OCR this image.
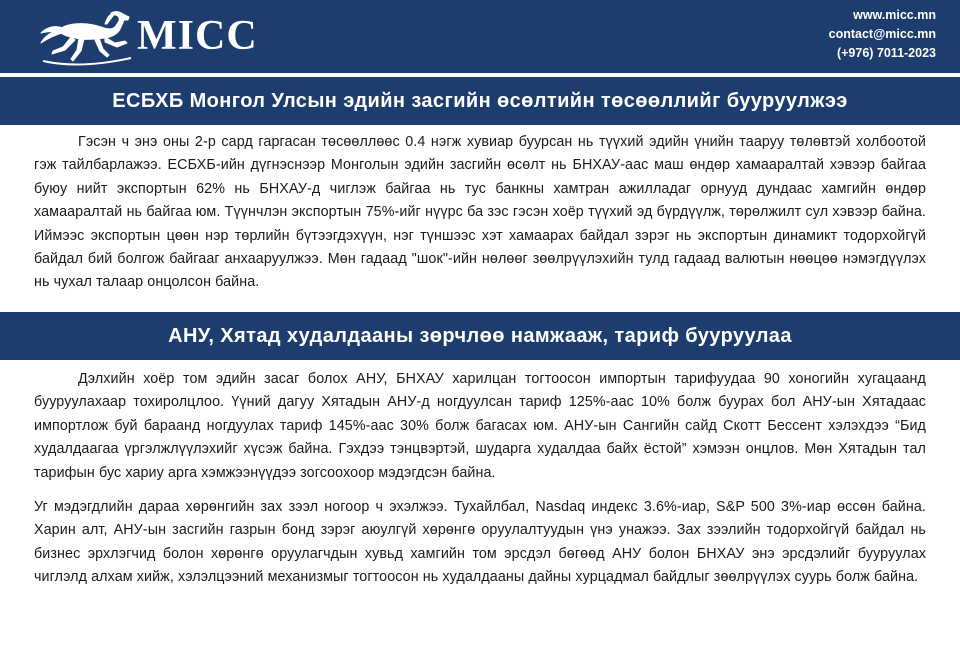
MICC	www.micc.mn
contact@micc.mn
(+976) 7011-2023
ЕСБХБ Монгол Улсын эдийн засгийн өсөлтийн төсөөллийг бууруулжээ

Гэсэн ч энэ оны 2-р сард гаргасан төсөөллөөс 0.4 нэгж хувиар буурсан нь түүхий эдийн үнийн тааруу төлөвтэй холбоотой гэж тайлбарлажээ. ЕСБХБ-ийн дүгнэснээр Монголын эдийн засгийн өсөлт нь БНХАУ-аас маш өндөр хамааралтай хэвээр байгаа буюу нийт экспортын 62% нь БНХАУ-д чиглэж байгаа нь тус банкны хамтран ажилладаг орнууд дундаас хамгийн өндөр хамааралтай нь байгаа юм. Түүнчлэн экспортын 75%-ийг нүүрс ба зэс гэсэн хоёр түүхий эд бүрдүүлж, төрөлжилт сул хэвээр байна. Иймээс экспортын цөөн нэр төрлийн бүтээгдэхүүн, нэг түншээс хэт хамаарах байдал зэрэг нь экспортын динамикт тодорхойгүй байдал бий болгож байгааг анхааруулжээ. Мөн гадаад "шок"-ийн нөлөөг зөөлрүүлэхийн тулд гадаад валютын нөөцөө нэмэгдүүлэх нь чухал талаар онцолсон байна.

АНУ, Хятад худалдааны зөрчлөө намжааж, тариф бууруулаа

Дэлхийн хоёр том эдийн засаг болох АНУ, БНХАУ харилцан тогтоосон импортын тарифуудаа 90 хоногийн хугацаанд бууруулахаар тохиролцлоо. Үүний дагуу Хятадын АНУ-д ногдуулсан тариф 125%-аас 10% болж буурах бол АНУ-ын Хятадаас импортлож буй бараанд ногдуулах тариф 145%-аас 30% болж багасах юм. АНУ-ын Сангийн сайд Скотт Бессент хэлэхдээ “Бид худалдаагаа үргэлжлүүлэхийг хүсэж байна. Гэхдээ тэнцвэртэй, шударга худалдаа байх ёстой” хэмээн онцлов. Мөн Хятадын тал тарифын бус хариу арга хэмжээнүүдээ зогсоохоор мэдэгдсэн байна.

Уг мэдэгдлийн дараа хөрөнгийн зах зээл ногоор ч эхэлжээ. Тухайлбал, Nasdaq индекс 3.6%-иар, S&P 500 3%-иар өссөн байна. Харин алт, АНУ-ын засгийн газрын бонд зэрэг аюулгүй хөрөнгө оруулалтуудын үнэ унажээ. Зах зээлийн тодорхойгүй байдал нь бизнес эрхлэгчид болон хөрөнгө оруулагчдын хувьд хамгийн том эрсдэл бөгөөд АНУ болон БНХАУ энэ эрсдэлийг бууруулах чиглэлд алхам хийж, хэлэлцээний механизмыг тогтоосон нь худалдааны дайны хурцадмал байдлыг зөөлрүүлэх суурь болж байна.
